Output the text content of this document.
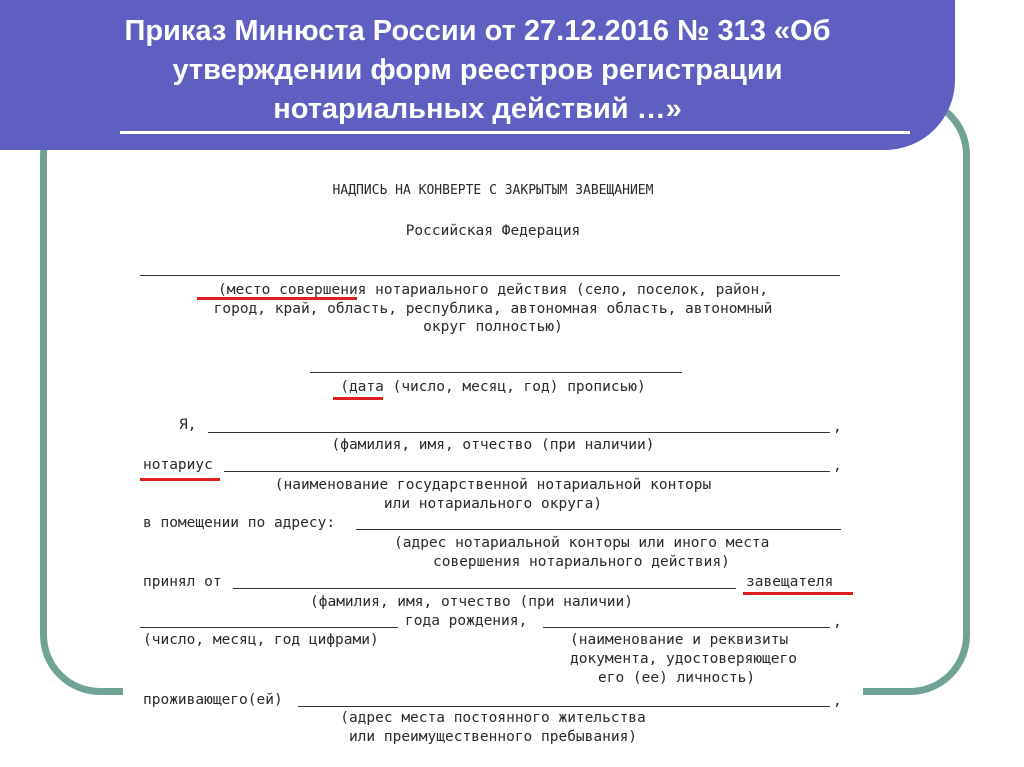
Приказ Минюста России от 27.12.2016 № 313 «Об
утверждении форм реестров регистрации
нотариальных действий …»
НАДПИСЬ НА КОНВЕРТЕ С ЗАКРЫТЫМ ЗАВЕЩАНИЕМ
Российская Федерация
(место совершения нотариального действия (село, поселок, район,
город, край, область, республика, автономная область, автономный
округ полностью)
(дата (число, месяц, год) прописью)
Я,	,
(фамилия, имя, отчество (при наличии)
нотариус	,
(наименование государственной нотариальной конторы
или нотариального округа)
в помещении по адресу:
(адрес нотариальной конторы или иного места
совершения нотариального действия)
принял от	завещателя
(фамилия, имя, отчество (при наличии)
года рождения,	,
(число, месяц, год цифрами)	(наименование и реквизиты
документа, удостоверяющего
его (ее) личность)
проживающего(ей)	,
(адрес места постоянного жительства
или преимущественного пребывания)
